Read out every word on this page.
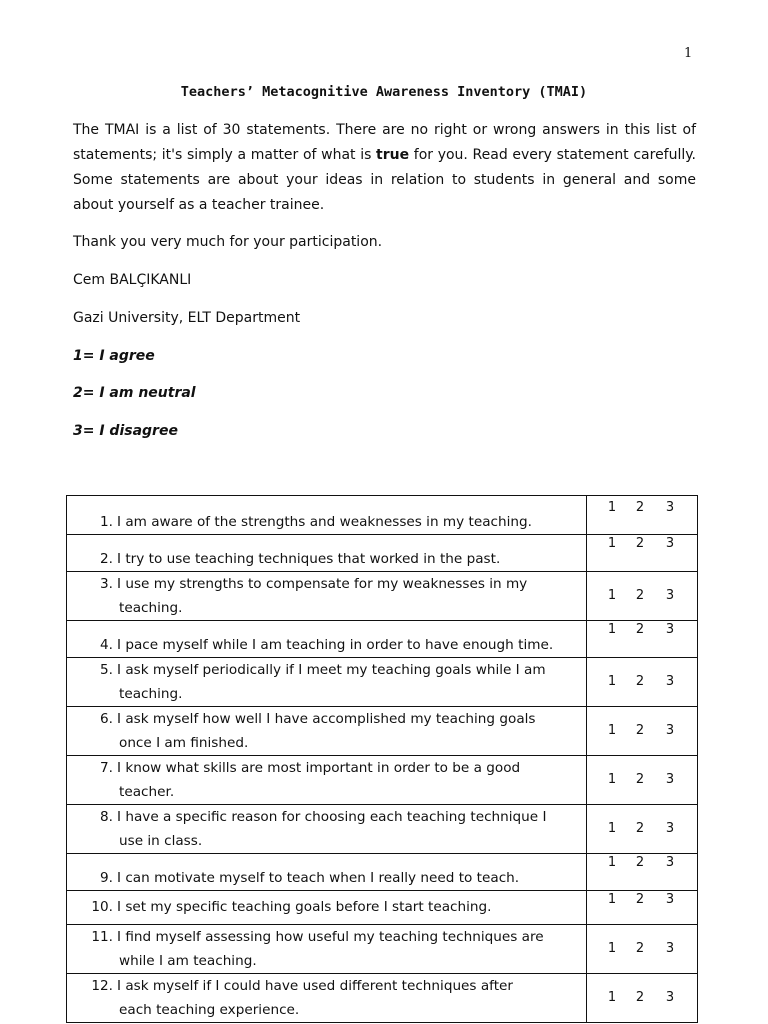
1
Teachers’ Metacognitive Awareness Inventory (TMAI)

The TMAI is a list of 30 statements. There are no right or wrong answers in this list of statements; it's simply a matter of what is true for you. Read every statement carefully. Some statements are about your ideas in relation to students in general and some about yourself as a teacher trainee.

Thank you very much for your participation.

Cem BALÇIKANLI

Gazi University, ELT Department

1= I agree

2= I am neutral

3= I disagree

1. I am aware of the strengths and weaknesses in my teaching.	1 2 3

2. I try to use teaching techniques that worked in the past.	1 2 3

3. I use my strengths to compensate for my weaknesses in my
teaching.	1 2 3

4. I pace myself while I am teaching in order to have enough time.	1 2 3

5. I ask myself periodically if I meet my teaching goals while I am
teaching.	1 2 3

6. I ask myself how well I have accomplished my teaching goals
once I am finished.	1 2 3

7. I know what skills are most important in order to be a good
teacher.	1 2 3

8. I have a specific reason for choosing each teaching technique I
use in class.	1 2 3

9. I can motivate myself to teach when I really need to teach.	1 2 3

10. I set my specific teaching goals before I start teaching.	1 2 3

11. I find myself assessing how useful my teaching techniques are
while I am teaching.	1 2 3

12. I ask myself if I could have used different techniques after
each teaching experience.	1 2 3
